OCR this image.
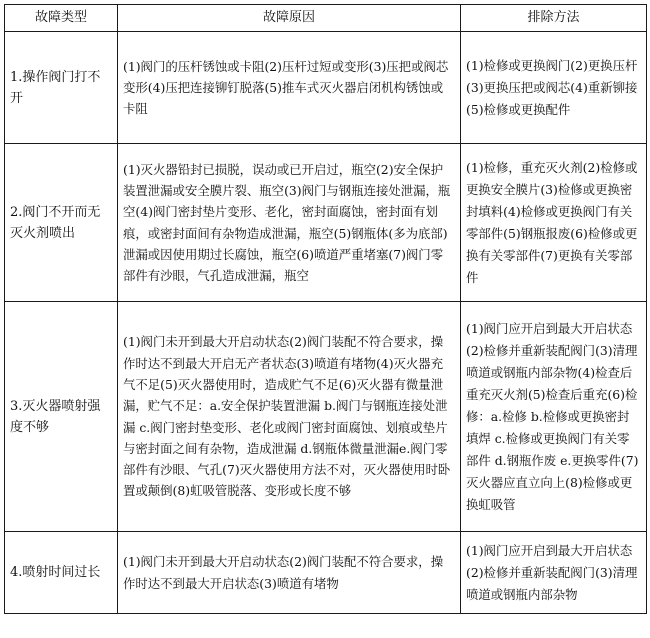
故障类型	故障原因	排除方法
1.操作阀门打不开	(1)阀门的压杆锈蚀或卡阻(2)压杆过短或变形(3)压把或阀芯变形(4)压把连接铆钉脱落(5)推车式灭火器启闭机构锈蚀或卡阻	(1)检修或更换阀门(2)更换压杆(3)更换压把或阀芯(4)重新铆接(5)检修或更换配件
2.阀门不开而无灭火剂喷出	(1)灭火器铅封已损脱，误动或已开启过，瓶空(2)安全保护装置泄漏或安全膜片裂、瓶空(3)阀门与钢瓶连接处泄漏，瓶空(4)阀门密封垫片变形、老化，密封面腐蚀，密封面有划痕，或密封面间有杂物造成泄漏，瓶空(5)钢瓶体(多为底部)泄漏或因使用期过长腐蚀，瓶空(6)喷道严重堵塞(7)阀门零部件有沙眼，气孔造成泄漏，瓶空	(1)检修，重充灭火剂(2)检修或更换安全膜片(3)检修或更换密封填料(4)检修或更换阀门有关零部件(5)钢瓶报废(6)检修或更换有关零部件(7)更换有关零部件
3.灭火器喷射强度不够	(1)阀门未开到最大开启动状态(2)阀门装配不符合要求，操作时达不到最大开启无产者状态(3)喷道有堵物(4)灭火器充气不足(5)灭火器使用时，造成贮气不足(6)灭火器有微量泄漏，贮气不足：a.安全保护装置泄漏 b.阀门与钢瓶连接处泄漏 c.阀门密封垫变形、老化或阀门密封面腐蚀、划痕或垫片与密封面之间有杂物，造成泄漏 d.钢瓶体微量泄漏e.阀门零部件有沙眼、气孔(7)灭火器使用方法不对，灭火器使用时卧置或颠倒(8)虹吸管脱落、变形或长度不够	(1)阀门应开启到最大开启状态(2)检修并重新装配阀门(3)清理喷道或钢瓶内部杂物(4)检查后重充灭火剂(5)检查后重充(6)检修：a.检修 b.检修或更换密封填焊 c.检修或更换阀门有关零部件 d.钢瓶作废 e.更换零件(7)灭火器应直立向上(8)检修或更换虹吸管
4.喷射时间过长	(1)阀门未开到最大开启动状态(2)阀门装配不符合要求，操作时达不到最大开启状态(3)喷道有堵物	(1)阀门应开启到最大开启状态(2)检修并重新装配阀门(3)清理喷道或钢瓶内部杂物
